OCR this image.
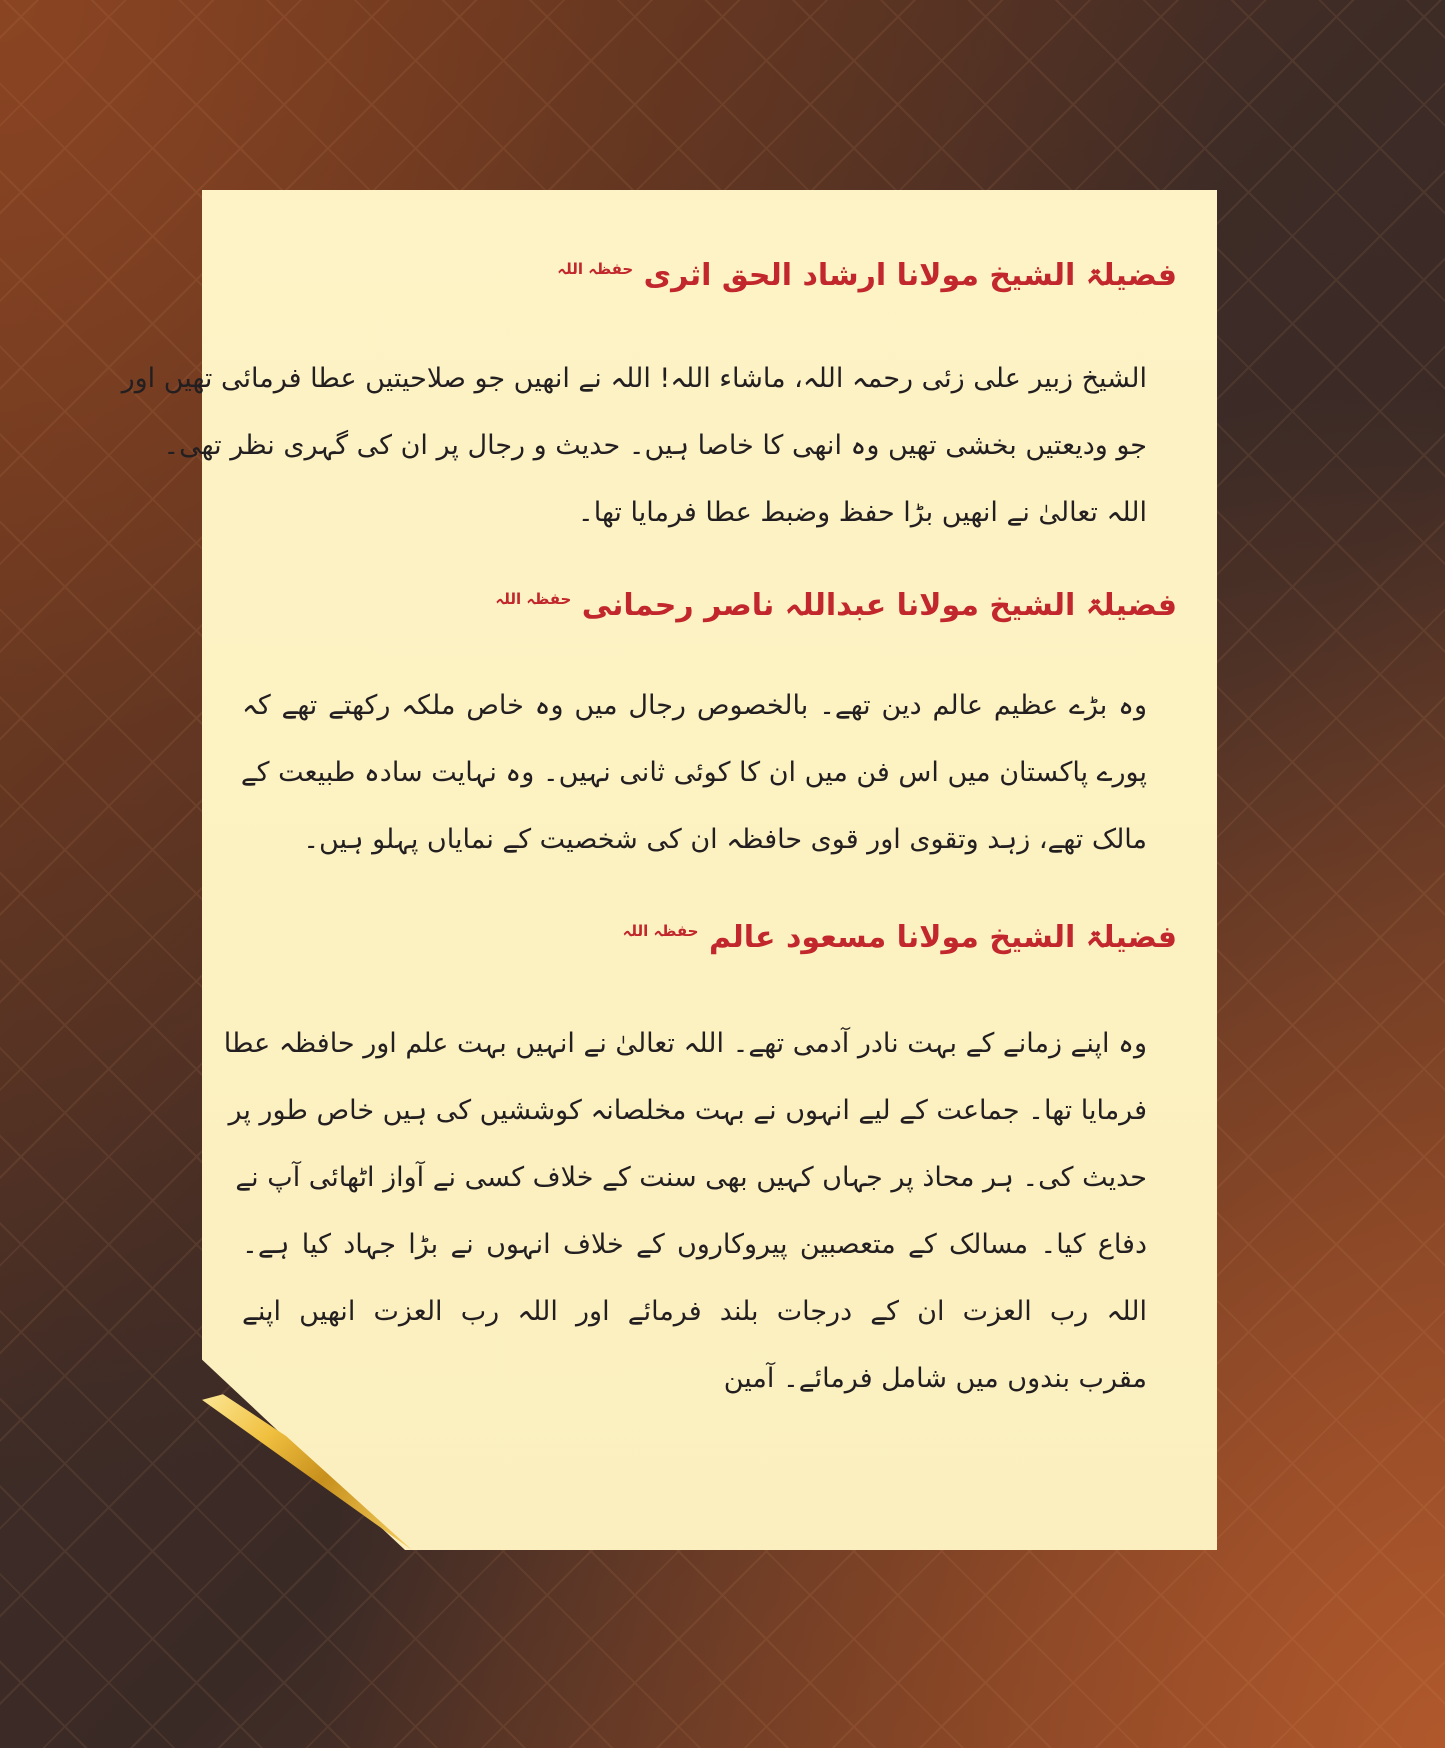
فضیلۃ الشیخ مولانا ارشاد الحق اثری $^{حفظہ اللہ}$
الشیخ زبیر علی زئی رحمہ اللہ، ماشاء اللہ! اللہ نے انھیں جو صلاحیتیں عطا فرمائی تھیں اور
جو ودیعتیں بخشی تھیں وہ انھی کا خاصا ہیں۔ حدیث و رجال پر ان کی گہری نظر تھی۔
اللہ تعالیٰ نے انھیں بڑا حفظ وضبط عطا فرمایا تھا۔
فضیلۃ الشیخ مولانا عبداللہ ناصر رحمانی $^{حفظہ اللہ}$
وہ بڑے عظیم عالم دین تھے۔ بالخصوص رجال میں وہ خاص ملکہ رکھتے تھے کہ
پورے پاکستان میں اس فن میں ان کا کوئی ثانی نہیں۔ وہ نہایت سادہ طبیعت کے
مالک تھے، زہد وتقوی اور قوی حافظہ ان کی شخصیت کے نمایاں پہلو ہیں۔
فضیلۃ الشیخ مولانا مسعود عالم $^{حفظہ اللہ}$
وہ اپنے زمانے کے بہت نادر آدمی تھے۔ اللہ تعالیٰ نے انہیں بہت علم اور حافظہ عطا
فرمایا تھا۔ جماعت کے لیے انہوں نے بہت مخلصانہ کوششیں کی ہیں خاص طور پر
حدیث کی۔ ہر محاذ پر جہاں کہیں بھی سنت کے خلاف کسی نے آواز اٹھائی آپ نے
دفاع کیا۔ مسالک کے متعصبین پیروکاروں کے خلاف انہوں نے بڑا جہاد کیا ہے۔
اللہ رب العزت ان کے درجات بلند فرمائے اور اللہ رب العزت انھیں اپنے
مقرب بندوں میں شامل فرمائے۔ آمین
